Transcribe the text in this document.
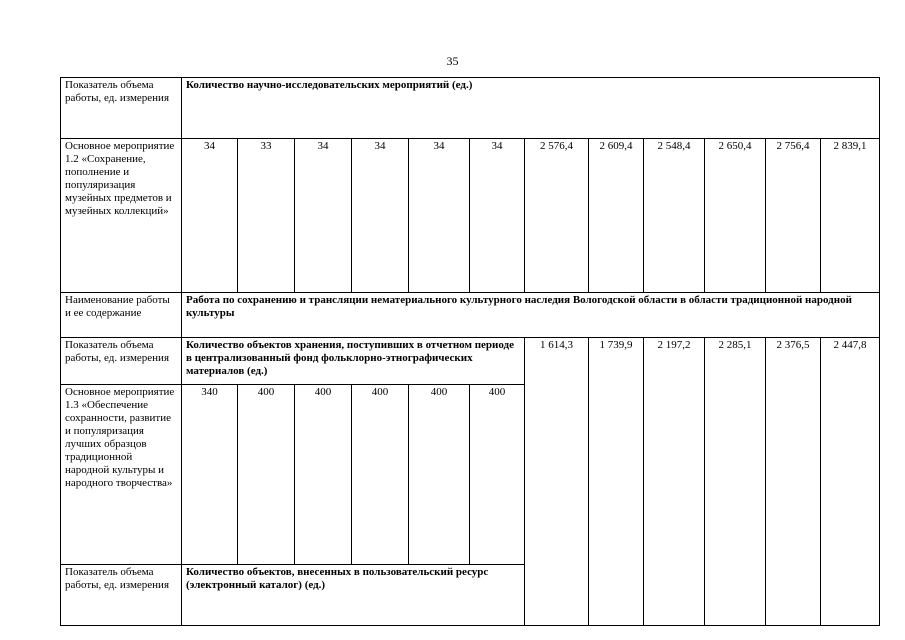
35
Показатель объема работы, ед. измерения	Количество научно-исследовательских мероприятий (ед.)											
Основное мероприятие 1.2 «Сохранение, пополнение и популяризация музейных предметов и музейных коллекций»	34	33	34	34	34	34	2 576,4	2 609,4	2 548,4	2 650,4	2 756,4	2 839,1
Наименование работы и ее содержание	Работа по сохранению и трансляции нематериального культурного наследия Вологодской области в области традиционной народной культуры											
Показатель объема работы, ед. измерения	Количество объектов хранения, поступивших в отчетном периоде в централизованный фонд фольклорно-этнографических материалов (ед.)						1 614,3	1 739,9	2 197,2	2 285,1	2 376,5	2 447,8
Основное мероприятие 1.3 «Обеспечение сохранности, развитие и популяризация лучших образцов традиционной народной культуры и народного творчества»	340	400	400	400	400	400						
Показатель объема работы, ед. измерения	Количество объектов, внесенных в пользовательский ресурс (электронный каталог) (ед.)											
